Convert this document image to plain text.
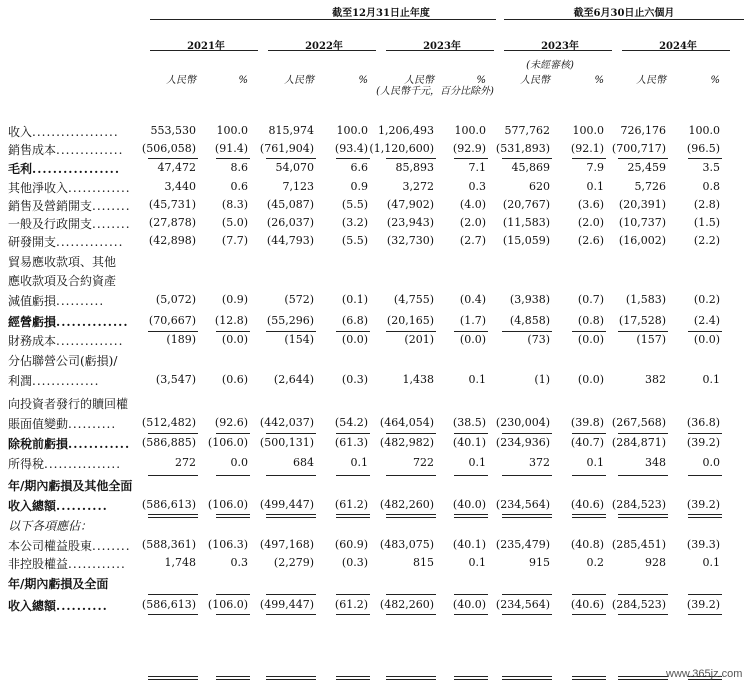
截至12月31日止年度	截至6月30日止六個月
2021年	2022年	2023年	2023年	2024年
人民幣	%	人民幣	%	人民幣	%	人民幣	%	人民幣	%
(人民幣千元，百分比除外)
(未經審核)
收入..................	553,530	100.0	815,974	100.0 1,206,493	100.0	577,762	100.0	726,176	100.0
銷售成本..............	(506,058)	(91.4)	(761,904)	(93.4) (1,120,600)	(92.9) (531,893)	(92.1) (700,717)	(96.5)
毛利.................	47,472	8.6	54,070	6.6	85,893	7.1	45,869	7.9	25,459	3.5
其他淨收入.............	3,440	0.6	7,123	0.9	3,272	0.3	620	0.1	5,726	0.8
銷售及營銷開支........	(45,731)	(8.3)	(45,087)	(5.5)	(47,902)	(4.0)	(20,767)	(3.6)	(20,391)	(2.8)
一般及行政開支........	(27,878)	(5.0)	(26,037)	(3.2)	(23,943)	(2.0)	(11,583)	(2.0)	(10,737)	(1.5)
研發開支..............	(42,898)	(7.7)	(44,793)	(5.5)	(32,730)	(2.7)	(15,059)	(2.6)	(16,002)	(2.2)
貿易應收款項、其他
應收款項及合約資產
減值虧損..........	(5,072)	(0.9)	(572)	(0.1)	(4,755)	(0.4)	(3,938)	(0.7)	(1,583)	(0.2)
經營虧損..............	(70,667)	(12.8)	(55,296)	(6.8)	(20,165)	(1.7)	(4,858)	(0.8)	(17,528)	(2.4)
財務成本..............	(189)	(0.0)	(154)	(0.0)	(201)	(0.0)	(73)	(0.0)	(157)	(0.0)
分佔聯營公司(虧損)/
利潤..............	(3,547)	(0.6)	(2,644)	(0.3)	1,438	0.1	(1)	(0.0)	382	0.1
向投資者發行的贖回權
賬面值變動..........	(512,482)	(92.6)	(442,037)	(54.2)	(464,054)	(38.5) (230,004)	(39.8) (267,568)	(36.8)
除稅前虧損............	(586,885)	(106.0)	(500,131)	(61.3)	(482,982)	(40.1) (234,936)	(40.7) (284,871)	(39.2)
所得稅................	272	0.0	684	0.1	722	0.1	372	0.1	348	0.0
年/期內虧損及其他全面
收入總額..........	(586,613)	(106.0)	(499,447)	(61.2)	(482,260)	(40.0) (234,564)	(40.6) (284,523)	(39.2)
以下各項應佔：
本公司權益股東........	(588,361)	(106.3)	(497,168)	(60.9)	(483,075)	(40.1) (235,479)	(40.8) (285,451)	(39.3)
非控股權益............	1,748	0.3	(2,279)	(0.3)	815	0.1	915	0.2	928	0.1
年/期內虧損及全面
收入總額..........	(586,613)	(106.0)	(499,447)	(61.2)	(482,260)	(40.0) (234,564)	(40.6) (284,523)	(39.2)
www.365jz.com
